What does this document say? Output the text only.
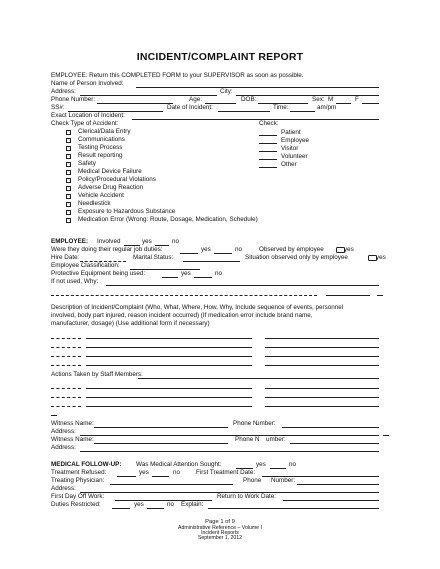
INCIDENT/COMPLAINT REPORT
EMPLOYEE: Return this COMPLETED FORM to your SUPERVISOR as soon as possible.
Name of Person Involved:
Address:	City:
Phone Number:	Age:	DOB:	Sex: M	F
SS#:	Date of Incident:	Time:	am/pm
Exact Location of Incident:
Check Type of Accident:	Check:
Clerical/Data Entry
Communications
Testing Process
Result reporting
Safety
Medical Device Failure
Policy/Procedural Violations
Adverse Drug Reaction
Vehicle Accident
Needlestick
Exposure to Hazardous Substance
Medication Error (Wrong: Route, Dosage, Medication, Schedule)
Patient
Employee
Visitor
Volunteer
Other
EMPLOYEE: Involved	yes	no
Were they doing their regular job duties:	yes	no	Observed by employee	yes
Hire Date:	Marital Status:	Situation observed only by employee	yes
Employee Classification:
Protective Equipment being used:	yes	no
If not used, Why:
Description of Incident/Complaint (Who, What, Where, How, Why, Include sequence of events, personnel
involved, body part injured, reason incident occurred) (If medication error include brand name,
manufacturer, dosage) (Use additional form if necessary)
Actions Taken by Staff Members:
Witness Name:	Phone N
umber:
Address:
Witness Name:	Phone N umber:
Address:
MEDICAL FOLLOW-UP: Was Medical Attention Sought:	yes	no
Treatment Refused:	yes	no	First Treatment Date:
Treating Physician:	Phone Number:
Address:
First Day Off Work:	Return to Work Date:
Duties Restricted:	yes	no Explain:
Page 1 of 9
Administrative Reference – Volume I
Incident Reports
September 1, 2012
